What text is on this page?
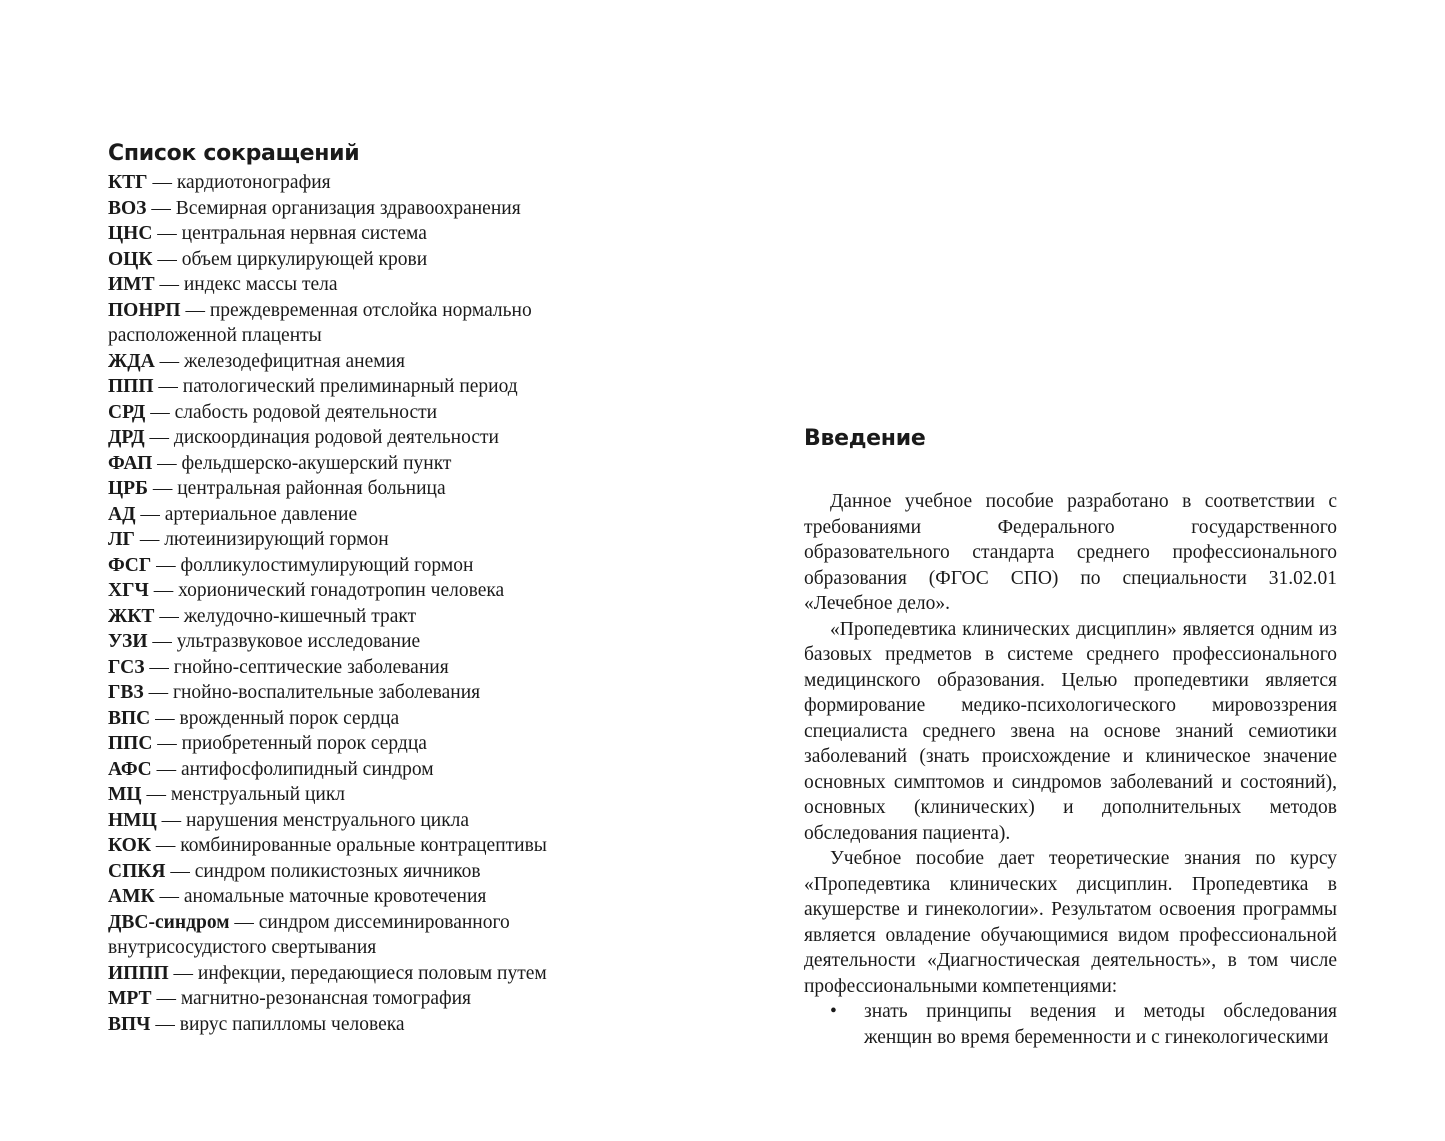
Список сокращений
КТГ — кардиотонография
ВОЗ — Всемирная организация здравоохранения
ЦНС — центральная нервная система
ОЦК — объем циркулирующей крови
ИМТ — индекс массы тела
ПОНРП — преждевременная отслойка нормально расположенной плаценты
ЖДА — железодефицитная анемия
ППП — патологический прелиминарный период
СРД — слабость родовой деятельности
ДРД — дискоординация родовой деятельности
ФАП — фельдшерско-акушерский пункт
ЦРБ — центральная районная больница
АД — артериальное давление
ЛГ — лютеинизирующий гормон
ФСГ — фолликулостимулирующий гормон
ХГЧ — хорионический гонадотропин человека
ЖКТ — желудочно-кишечный тракт
УЗИ — ультразвуковое исследование
ГСЗ — гнойно-септические заболевания
ГВЗ — гнойно-воспалительные заболевания
ВПС — врожденный порок сердца
ППС — приобретенный порок сердца
АФС — антифосфолипидный синдром
МЦ — менструальный цикл
НМЦ — нарушения менструального цикла
КОК — комбинированные оральные контрацептивы
СПКЯ — синдром поликистозных яичников
АМК — аномальные маточные кровотечения
ДВС-синдром — синдром диссеминированного внутрисосудистого свертывания
ИППП — инфекции, передающиеся половым путем
МРТ — магнитно-резонансная томография
ВПЧ — вирус папилломы человека
Введение

Данное учебное пособие разработано в соответствии с требованиями Федерального государственного образовательного стандарта среднего профессионального образования (ФГОС СПО) по специальности 31.02.01 «Лечебное дело».

«Пропедевтика клинических дисциплин» является одним из базовых предметов в системе среднего профессионального медицинского образования. Целью пропедевтики является формирование медико-психологического мировоззрения специалиста среднего звена на основе знаний семиотики заболеваний (знать происхождение и клиническое значение основных симптомов и синдромов заболеваний и состояний), основных (клинических) и дополнительных методов обследования пациента).

Учебное пособие дает теоретические знания по курсу «Пропедевтика клинических дисциплин. Пропедевтика в акушерстве и гинекологии». Результатом освоения программы является овладение обучающимися видом профессиональной деятельности «Диагностическая деятельность», в том числе профессиональными компетенциями:

•	знать принципы ведения и методы обследования женщин во время беременности и с гинекологическими
